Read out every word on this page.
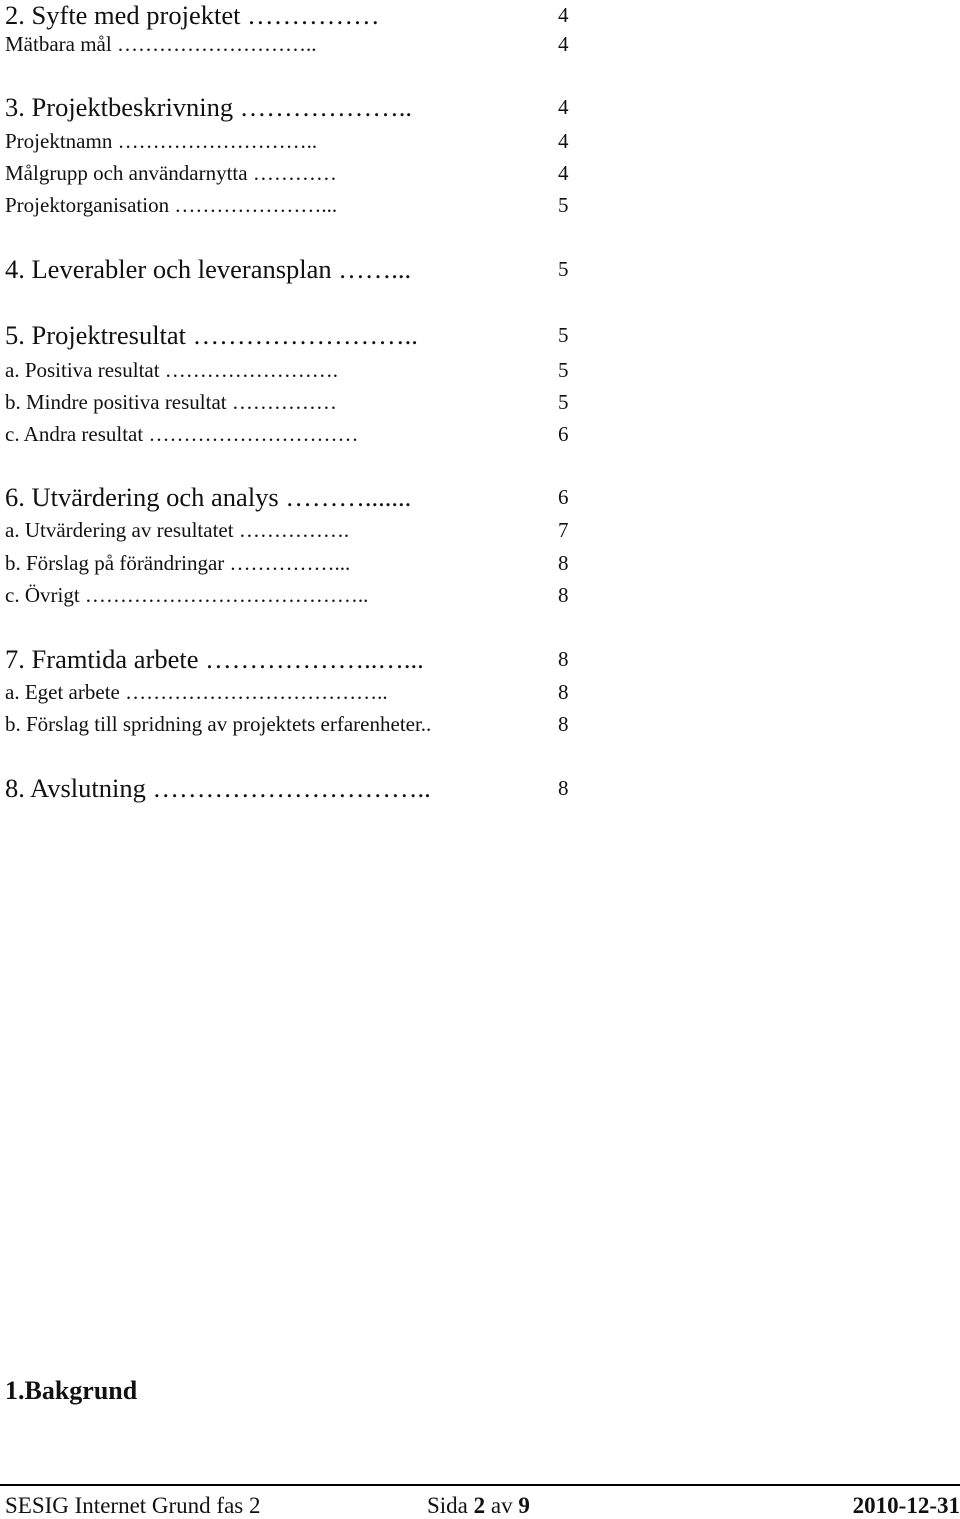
2. Syfte med projektet ……………	4
Mätbara mål ………………………..	4
3. Projektbeskrivning ………………..	4
Projektnamn ………………………..	4
Målgrupp och användarnytta …………	4
Projektorganisation …………………...	5
4. Leverabler och leveransplan ……...	5
5. Projektresultat ……………………..	5
a. Positiva resultat …………………….	5
b. Mindre positiva resultat ……………	5
c. Andra resultat …………………………	6
6. Utvärdering och analys ……….......	6
a. Utvärdering av resultatet …………….	7
b. Förslag på förändringar ……………...	8
c. Övrigt …………………………………..	8
7. Framtida arbete ………………..…...	8
a. Eget arbete ………………………………..	8
b. Förslag till spridning av projektets erfarenheter..	8
8. Avslutning …………………………..	8
1.Bakgrund
SESIG Internet Grund fas 2	Sida 2 av 9	2010-12-31
